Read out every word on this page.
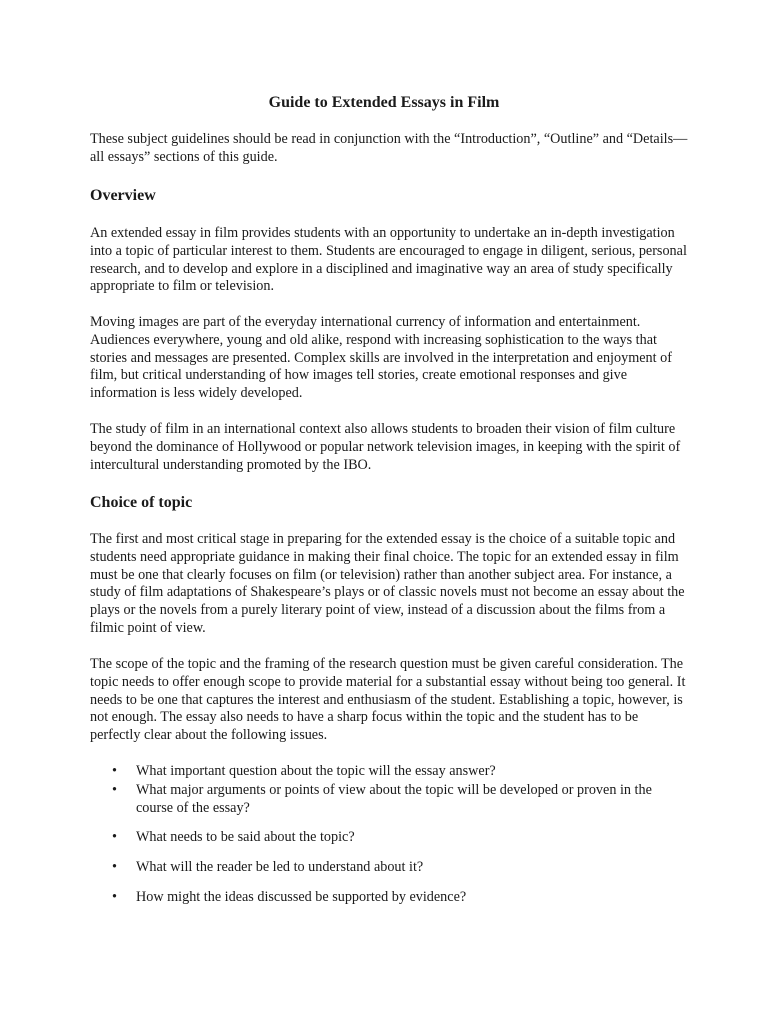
Guide to Extended Essays in Film

These subject guidelines should be read in conjunction with the “Introduction”, “Outline” and “Details—all essays” sections of this guide.

Overview

An extended essay in film provides students with an opportunity to undertake an in-depth investigation into a topic of particular interest to them. Students are encouraged to engage in diligent, serious, personal research, and to develop and explore in a disciplined and imaginative way an area of study specifically appropriate to film or television.

Moving images are part of the everyday international currency of information and entertainment. Audiences everywhere, young and old alike, respond with increasing sophistication to the ways that stories and messages are presented. Complex skills are involved in the interpretation and enjoyment of film, but critical understanding of how images tell stories, create emotional responses and give information is less widely developed.

The study of film in an international context also allows students to broaden their vision of film culture beyond the dominance of Hollywood or popular network television images, in keeping with the spirit of intercultural understanding promoted by the IBO.

Choice of topic

The first and most critical stage in preparing for the extended essay is the choice of a suitable topic and students need appropriate guidance in making their final choice. The topic for an extended essay in film must be one that clearly focuses on film (or television) rather than another subject area. For instance, a study of film adaptations of Shakespeare’s plays or of classic novels must not become an essay about the plays or the novels from a purely literary point of view, instead of a discussion about the films from a filmic point of view.

The scope of the topic and the framing of the research question must be given careful consideration. The topic needs to offer enough scope to provide material for a substantial essay without being too general. It needs to be one that captures the interest and enthusiasm of the student. Establishing a topic, however, is not enough. The essay also needs to have a sharp focus within the topic and the student has to be perfectly clear about the following issues.

• What important question about the topic will the essay answer?
• What major arguments or points of view about the topic will be developed or proven in the course of the essay?
• What needs to be said about the topic?
• What will the reader be led to understand about it?
• How might the ideas discussed be supported by evidence?
